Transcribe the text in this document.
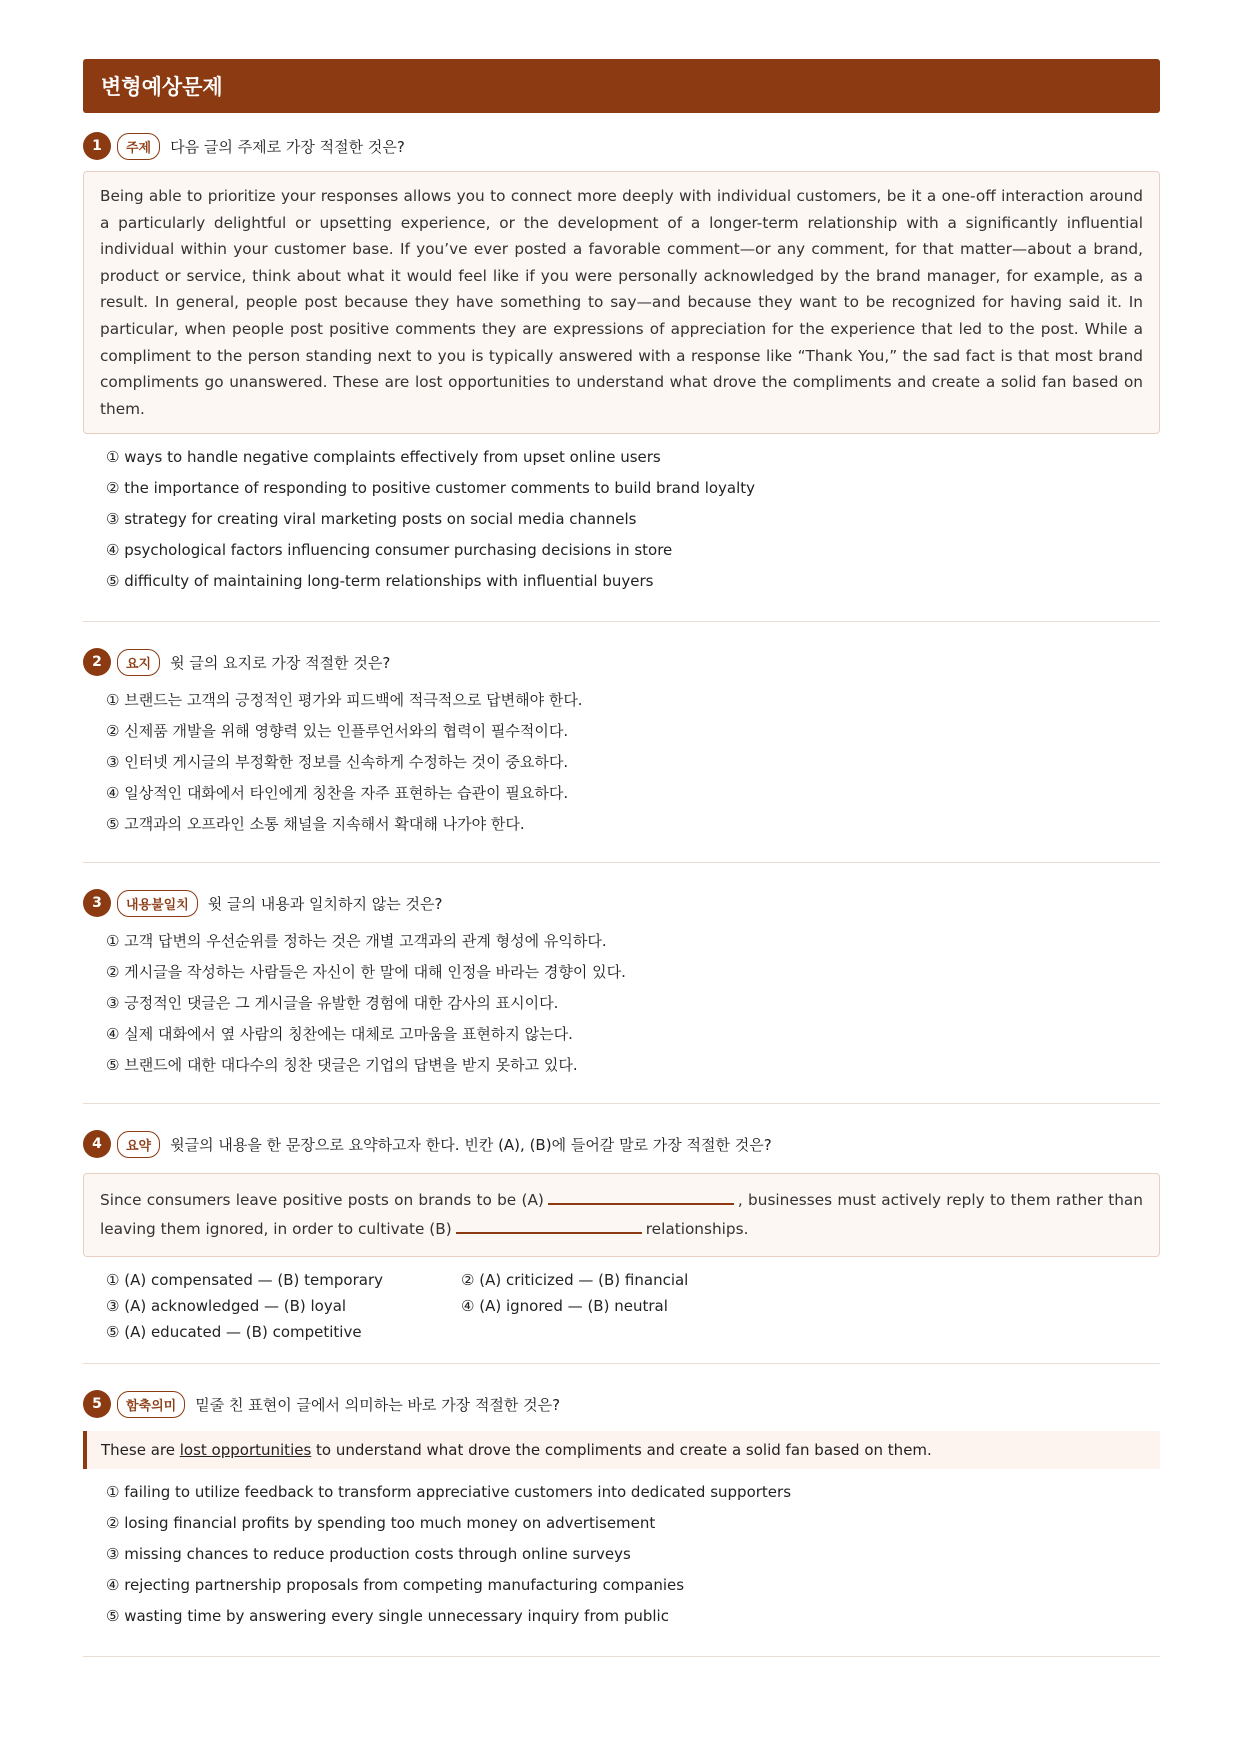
변형예상문제
1	주제	다음 글의 주제로 가장 적절한 것은?
Being able to prioritize your responses allows you to connect more deeply with individual customers, be it a one-off interaction around a particularly delightful or upsetting experience, or the development of a longer-term relationship with a significantly influential individual within your customer base. If you’ve ever posted a favorable comment—or any comment, for that matter—about a brand, product or service, think about what it would feel like if you were personally acknowledged by the brand manager, for example, as a result. In general, people post because they have something to say—and because they want to be recognized for having said it. In particular, when people post positive comments they are expressions of appreciation for the experience that led to the post. While a compliment to the person standing next to you is typically answered with a response like “Thank You,” the sad fact is that most brand compliments go unanswered. These are lost opportunities to understand what drove the compliments and create a solid fan based on them.
① ways to handle negative complaints effectively from upset online users
② the importance of responding to positive customer comments to build brand loyalty
③ strategy for creating viral marketing posts on social media channels
④ psychological factors influencing consumer purchasing decisions in store
⑤ difficulty of maintaining long-term relationships with influential buyers
2	요지	윗 글의 요지로 가장 적절한 것은?
① 브랜드는 고객의 긍정적인 평가와 피드백에 적극적으로 답변해야 한다.
② 신제품 개발을 위해 영향력 있는 인플루언서와의 협력이 필수적이다.
③ 인터넷 게시글의 부정확한 정보를 신속하게 수정하는 것이 중요하다.
④ 일상적인 대화에서 타인에게 칭찬을 자주 표현하는 습관이 필요하다.
⑤ 고객과의 오프라인 소통 채널을 지속해서 확대해 나가야 한다.
3	내용불일치	윗 글의 내용과 일치하지 않는 것은?
① 고객 답변의 우선순위를 정하는 것은 개별 고객과의 관계 형성에 유익하다.
② 게시글을 작성하는 사람들은 자신이 한 말에 대해 인정을 바라는 경향이 있다.
③ 긍정적인 댓글은 그 게시글을 유발한 경험에 대한 감사의 표시이다.
④ 실제 대화에서 옆 사람의 칭찬에는 대체로 고마움을 표현하지 않는다.
⑤ 브랜드에 대한 대다수의 칭찬 댓글은 기업의 답변을 받지 못하고 있다.
4	요약	윗글의 내용을 한 문장으로 요약하고자 한다. 빈칸 (A), (B)에 들어갈 말로 가장 적절한 것은?
Since consumers leave positive posts on brands to be (A)	, businesses must actively reply to them rather than leaving them ignored, in order to cultivate (B)	relationships.
① (A) compensated — (B) temporary	② (A) criticized — (B) financial
③ (A) acknowledged — (B) loyal	④ (A) ignored — (B) neutral
⑤ (A) educated — (B) competitive
5	함축의미	밑줄 친 표현이 글에서 의미하는 바로 가장 적절한 것은?
These are lost opportunities to understand what drove the compliments and create a solid fan based on them.
① failing to utilize feedback to transform appreciative customers into dedicated supporters
② losing financial profits by spending too much money on advertisement
③ missing chances to reduce production costs through online surveys
④ rejecting partnership proposals from competing manufacturing companies
⑤ wasting time by answering every single unnecessary inquiry from public
